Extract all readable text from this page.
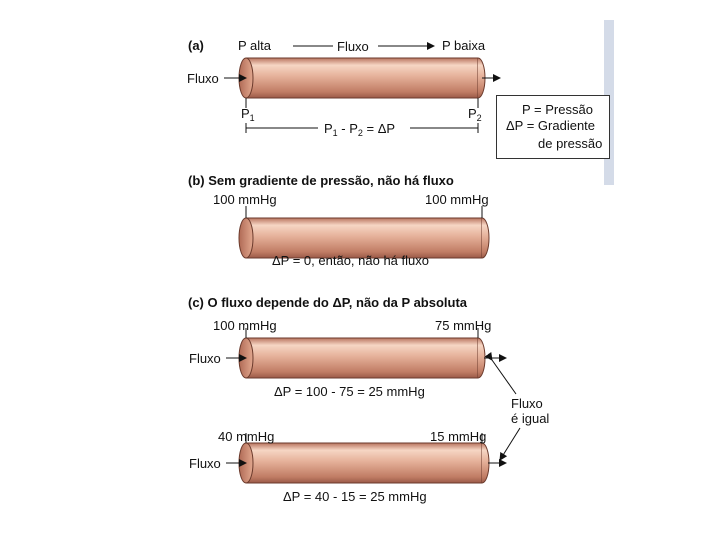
(a)	P alta	Fluxo	P baixa
Fluxo
$P_1$	$P_2$
$P_1 - P_2 = \Delta P$
P = Pressão
ΔP = Gradiente
de pressão
(b) Sem gradiente de pressão, não há fluxo
100 mmHg	100 mmHg
ΔP = 0, então, não há fluxo
(c) O fluxo depende do ΔP, não da P absoluta
100 mmHg	75 mmHg
Fluxo
ΔP = 100 - 75 = 25 mmHg
40 mmHg	15 mmHg
Fluxo
ΔP = 40 - 15 = 25 mmHg
Fluxo
é igual
